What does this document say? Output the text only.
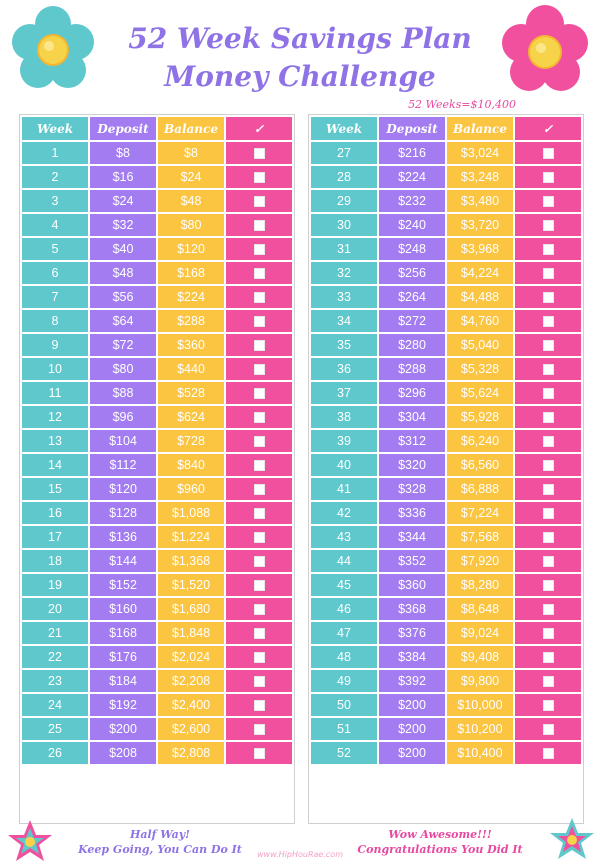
52 Week Savings Plan
Money Challenge
52 Weeks=$10,400
Week	Deposit	Balance	✓
1	$8	$8	
2	$16	$24	
3	$24	$48	
4	$32	$80	
5	$40	$120	
6	$48	$168	
7	$56	$224	
8	$64	$288	
9	$72	$360	
10	$80	$440	
11	$88	$528	
12	$96	$624	
13	$104	$728	
14	$112	$840	
15	$120	$960	
16	$128	$1,088	
17	$136	$1,224	
18	$144	$1,368	
19	$152	$1,520	
20	$160	$1,680	
21	$168	$1,848	
22	$176	$2,024	
23	$184	$2,208	
24	$192	$2,400	
25	$200	$2,600	
26	$208	$2,808	
Week	Deposit	Balance	✓
27	$216	$3,024	
28	$224	$3,248	
29	$232	$3,480	
30	$240	$3,720	
31	$248	$3,968	
32	$256	$4,224	
33	$264	$4,488	
34	$272	$4,760	
35	$280	$5,040	
36	$288	$5,328	
37	$296	$5,624	
38	$304	$5,928	
39	$312	$6,240	
40	$320	$6,560	
41	$328	$6,888	
42	$336	$7,224	
43	$344	$7,568	
44	$352	$7,920	
45	$360	$8,280	
46	$368	$8,648	
47	$376	$9,024	
48	$384	$9,408	
49	$392	$9,800	
50	$200	$10,000	
51	$200	$10,200	
52	$200	$10,400	
Half Way!
Keep Going, You Can Do It
Wow Awesome!!!
Congratulations You Did It
www.HipHouRae.com
